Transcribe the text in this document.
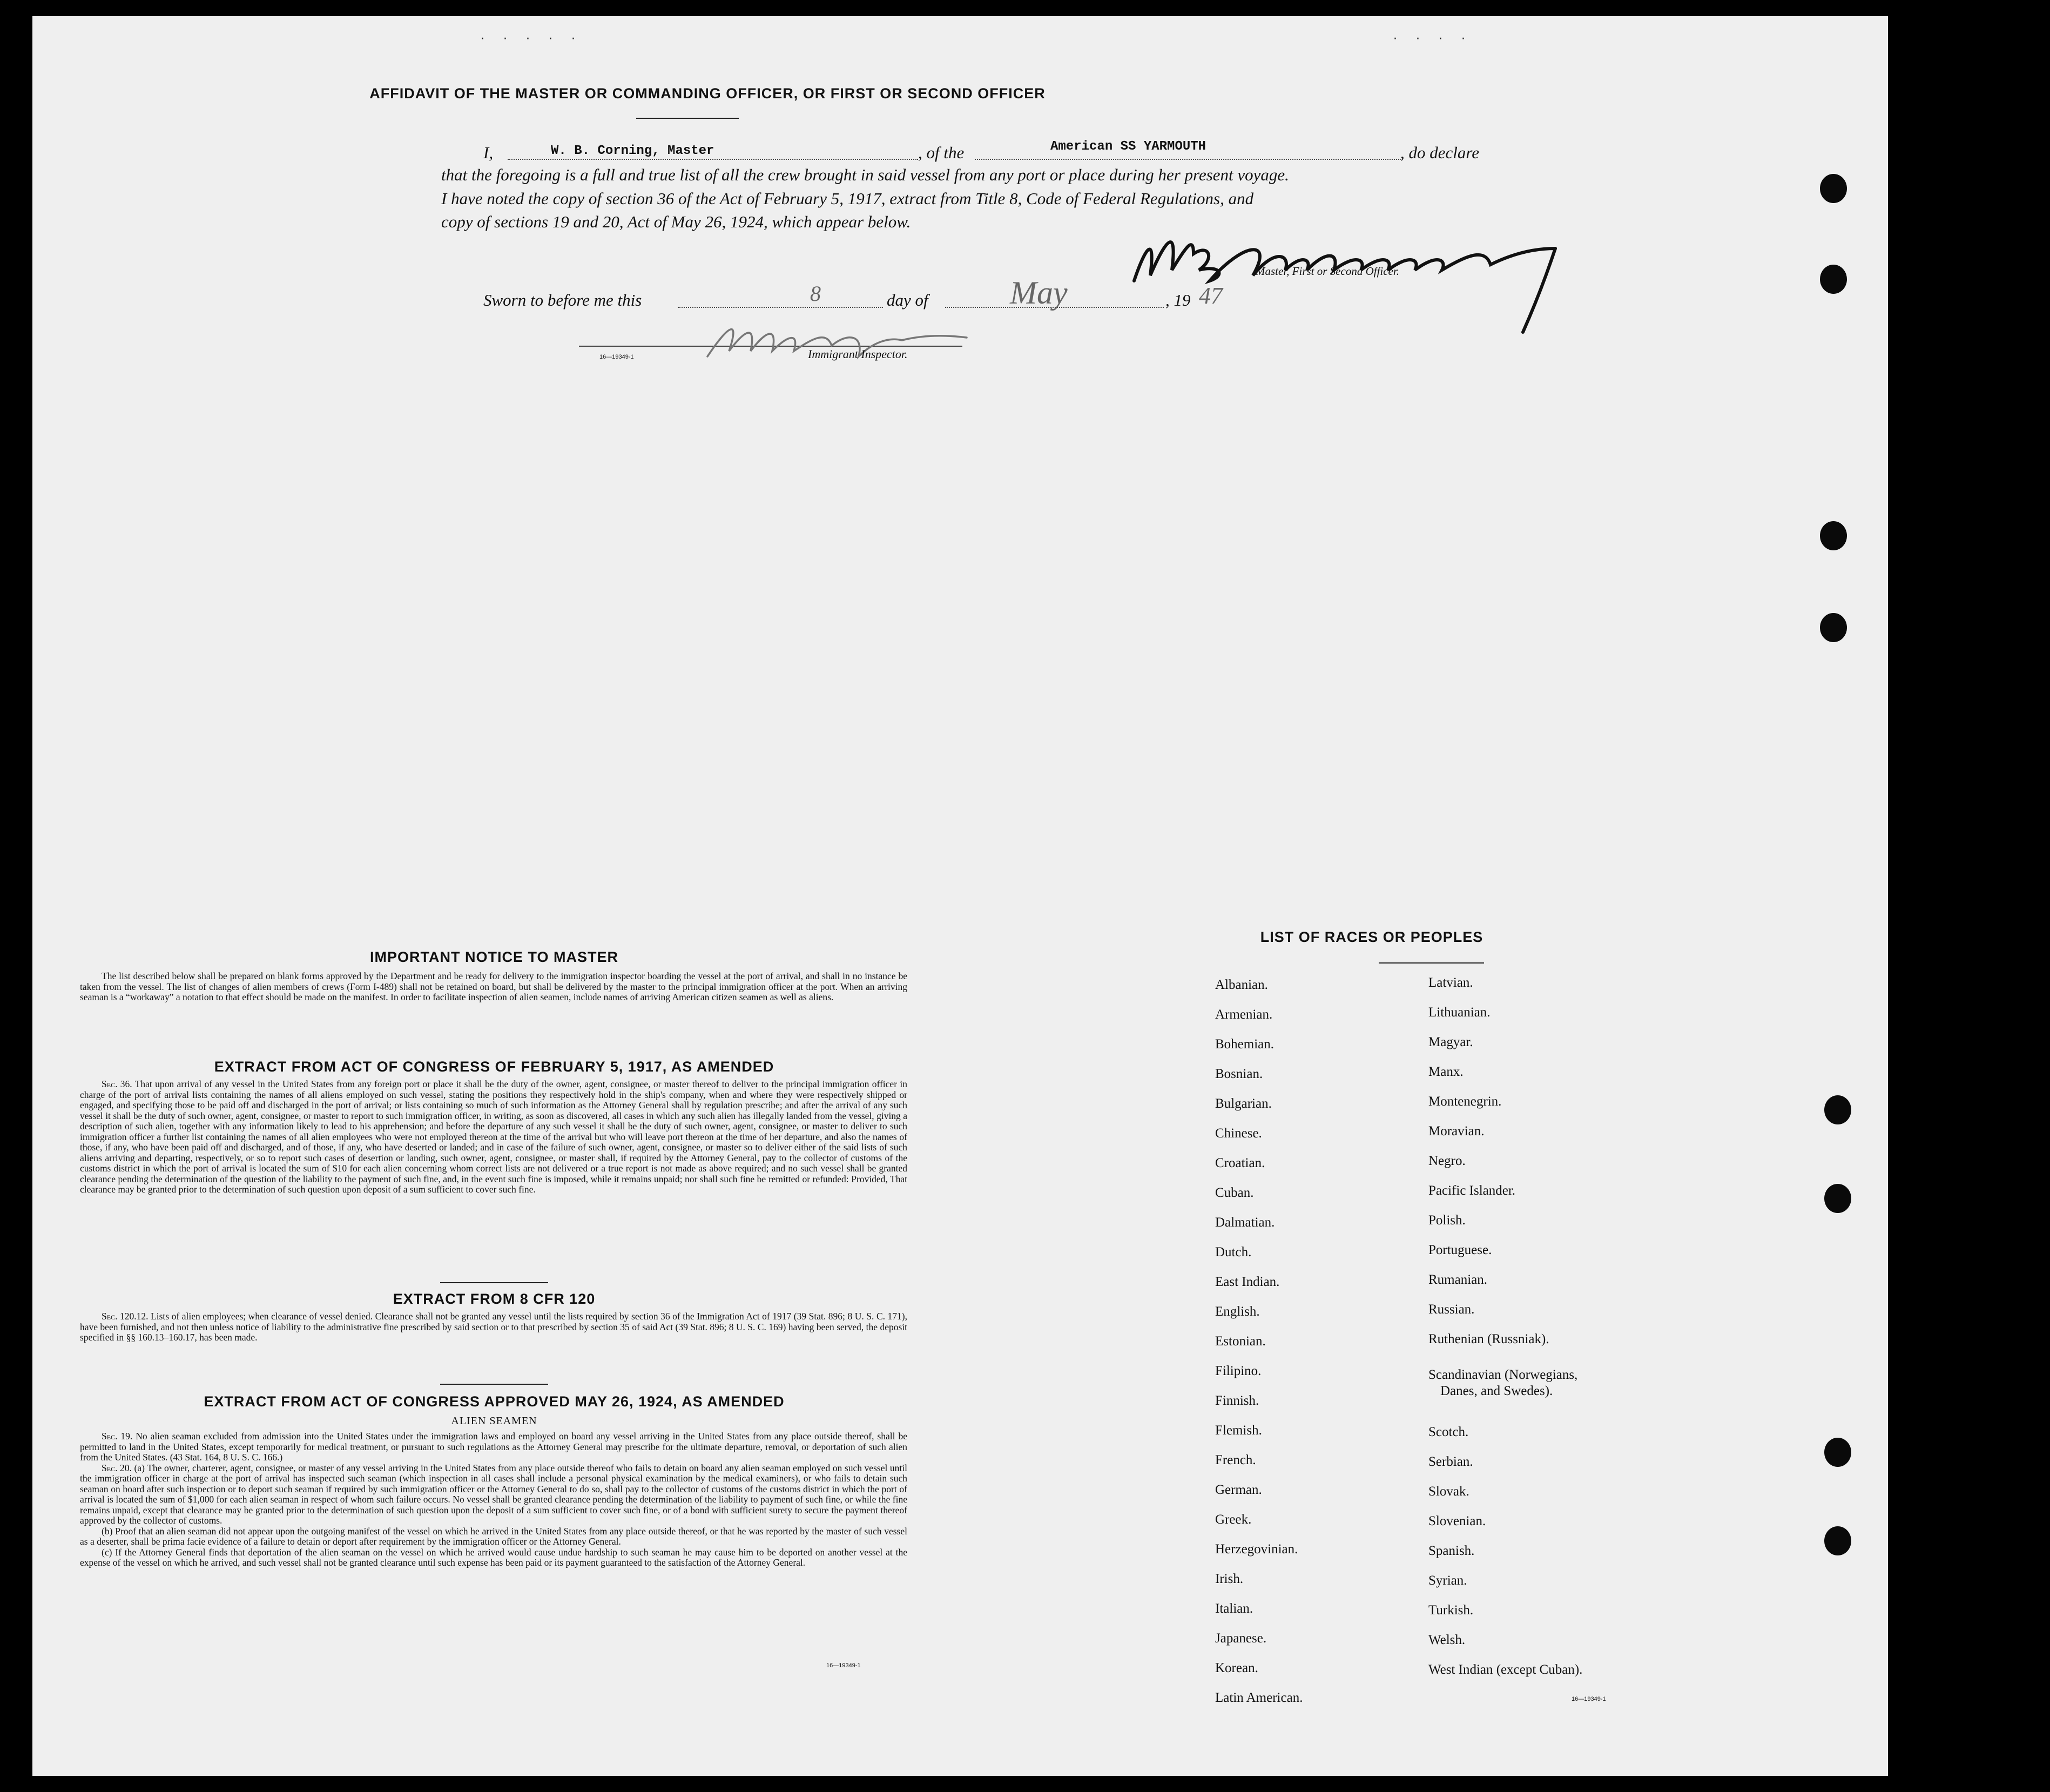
· · · · ·	· · · ·
AFFIDAVIT OF THE MASTER OR COMMANDING OFFICER, OR FIRST OR SECOND OFFICER
I,	W. B. Corning, Master	, of the	American SS YARMOUTH	, do declare
that the foregoing is a full and true list of all the crew brought in said vessel from any port or place during her present voyage.
I have noted the copy of section 36 of the Act of February 5, 1917, extract from Title 8, Code of Federal Regulations, and
copy of sections 19 and 20, Act of May 26, 1924, which appear below.
Master, First or Second Officer.
Sworn to before me this	8	day of	May	, 19 47
16—19349-1	Immigrant Inspector.
IMPORTANT NOTICE TO MASTER

The list described below shall be prepared on blank forms approved by the Department and be ready for delivery to the immigration inspector boarding the vessel at the port of arrival, and shall in no instance be taken from the vessel. The list of changes of alien members of crews (Form I-489) shall not be retained on board, but shall be delivered by the master to the principal immigration officer at the port. When an arriving seaman is a “workaway” a notation to that effect should be made on the manifest. In order to facilitate inspection of alien seamen, include names of arriving American citizen seamen as well as aliens.

EXTRACT FROM ACT OF CONGRESS OF FEBRUARY 5, 1917, AS AMENDED

Sec. 36. That upon arrival of any vessel in the United States from any foreign port or place it shall be the duty of the owner, agent, consignee, or master thereof to deliver to the principal immigration officer in charge of the port of arrival lists containing the names of all aliens employed on such vessel, stating the positions they respectively hold in the ship's company, when and where they were respectively shipped or engaged, and specifying those to be paid off and discharged in the port of arrival; or lists containing so much of such information as the Attorney General shall by regulation prescribe; and after the arrival of any such vessel it shall be the duty of such owner, agent, consignee, or master to report to such immigration officer, in writing, as soon as discovered, all cases in which any such alien has illegally landed from the vessel, giving a description of such alien, together with any information likely to lead to his apprehension; and before the departure of any such vessel it shall be the duty of such owner, agent, consignee, or master to deliver to such immigration officer a further list containing the names of all alien employees who were not employed thereon at the time of the arrival but who will leave port thereon at the time of her departure, and also the names of those, if any, who have been paid off and discharged, and of those, if any, who have deserted or landed; and in case of the failure of such owner, agent, consignee, or master so to deliver either of the said lists of such aliens arriving and departing, respectively, or so to report such cases of desertion or landing, such owner, agent, consignee, or master shall, if required by the Attorney General, pay to the collector of customs of the customs district in which the port of arrival is located the sum of $10 for each alien concerning whom correct lists are not delivered or a true report is not made as above required; and no such vessel shall be granted clearance pending the determination of the question of the liability to the payment of such fine, and, in the event such fine is imposed, while it remains unpaid; nor shall such fine be remitted or refunded: Provided, That clearance may be granted prior to the determination of such question upon deposit of a sum sufficient to cover such fine.

EXTRACT FROM 8 CFR 120

Sec. 120.12. Lists of alien employees; when clearance of vessel denied. Clearance shall not be granted any vessel until the lists required by section 36 of the Immigration Act of 1917 (39 Stat. 896; 8 U. S. C. 171), have been furnished, and not then unless notice of liability to the administrative fine prescribed by said section or to that prescribed by section 35 of said Act (39 Stat. 896; 8 U. S. C. 169) having been served, the deposit specified in §§ 160.13–160.17, has been made.

EXTRACT FROM ACT OF CONGRESS APPROVED MAY 26, 1924, AS AMENDED
ALIEN SEAMEN

Sec. 19. No alien seaman excluded from admission into the United States under the immigration laws and employed on board any vessel arriving in the United States from any place outside thereof, shall be permitted to land in the United States, except temporarily for medical treatment, or pursuant to such regulations as the Attorney General may prescribe for the ultimate departure, removal, or deportation of such alien from the United States. (43 Stat. 164, 8 U. S. C. 166.)

Sec. 20. (a) The owner, charterer, agent, consignee, or master of any vessel arriving in the United States from any place outside thereof who fails to detain on board any alien seaman employed on such vessel until the immigration officer in charge at the port of arrival has inspected such seaman (which inspection in all cases shall include a personal physical examination by the medical examiners), or who fails to detain such seaman on board after such inspection or to deport such seaman if required by such immigration officer or the Attorney General to do so, shall pay to the collector of customs of the customs district in which the port of arrival is located the sum of $1,000 for each alien seaman in respect of whom such failure occurs. No vessel shall be granted clearance pending the determination of the liability to payment of such fine, or while the fine remains unpaid, except that clearance may be granted prior to the determination of such question upon the deposit of a sum sufficient to cover such fine, or of a bond with sufficient surety to secure the payment thereof approved by the collector of customs.

(b) Proof that an alien seaman did not appear upon the outgoing manifest of the vessel on which he arrived in the United States from any place outside thereof, or that he was reported by the master of such vessel as a deserter, shall be prima facie evidence of a failure to detain or deport after requirement by the immigration officer or the Attorney General.

(c) If the Attorney General finds that deportation of the alien seaman on the vessel on which he arrived would cause undue hardship to such seaman he may cause him to be deported on another vessel at the expense of the vessel on which he arrived, and such vessel shall not be granted clearance until such expense has been paid or its payment guaranteed to the satisfaction of the Attorney General.

16—19349-1
LIST OF RACES OR PEOPLES
Albanian.
Armenian.
Bohemian.
Bosnian.
Bulgarian.
Chinese.
Croatian.
Cuban.
Dalmatian.
Dutch.
East Indian.
English.
Estonian.
Filipino.
Finnish.
Flemish.
French.
German.
Greek.
Herzegovinian.
Irish.
Italian.
Japanese.
Korean.
Latin American.
Latvian.
Lithuanian.
Magyar.
Manx.
Montenegrin.
Moravian.
Negro.
Pacific Islander.
Polish.
Portuguese.
Rumanian.
Russian.
Ruthenian (Russniak).
Scandinavian (Norwegians,
Danes, and Swedes).
Scotch.
Serbian.
Slovak.
Slovenian.
Spanish.
Syrian.
Turkish.
Welsh.
West Indian (except Cuban).
16—19349-1
